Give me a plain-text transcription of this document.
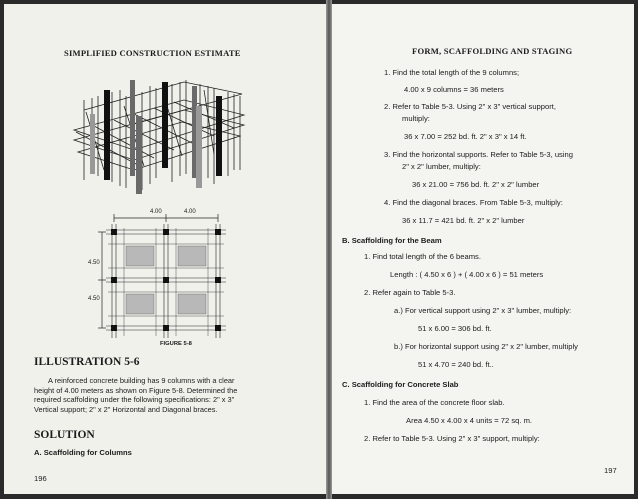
SIMPLIFIED CONSTRUCTION ESTIMATE
4.00	4.00
4.50
4.50
FIGURE 5-8
ILLUSTRATION 5-6
A reinforced concrete building has 9 columns with a clear
height of 4.00 meters as shown on Figure 5-8. Determined the
required scaffolding under the following specifications: 2" x 3"
Vertical support; 2" x 2" Horizontal and Diagonal braces.
SOLUTION
A. Scaffolding for Columns
196
FORM, SCAFFOLDING AND STAGING
1. Find the total length of the 9 columns;
4.00 x 9 columns = 36 meters
2. Refer to Table 5-3. Using 2" x 3" vertical support,
multiply:
36 x 7.00 = 252 bd. ft. 2" x 3" x 14 ft.
3. Find the horizontal supports. Refer to Table 5-3, using
2" x 2" lumber, multiply:
36 x 21.00 = 756 bd. ft. 2" x 2" lumber
4. Find the diagonal braces. From Table 5-3, multiply:
36 x 11.7 = 421 bd. ft. 2" x 2" lumber
B. Scaffolding for the Beam
1. Find total length of the 6 beams.
Length : ( 4.50 x 6 ) + ( 4.00 x 6 ) = 51 meters
2. Refer again to Table 5-3.
a.) For vertical support using 2" x 3" lumber, multiply:
51 x 6.00 = 306 bd. ft.
b.) For horizontal support using 2" x 2" lumber, multiply
51 x 4.70 = 240 bd. ft..
C. Scaffolding for Concrete Slab
1. Find the area of the concrete floor slab.
Area 4.50 x 4.00 x 4 units = 72 sq. m.
2. Refer to Table 5-3. Using 2" x 3" support, multiply:
197
